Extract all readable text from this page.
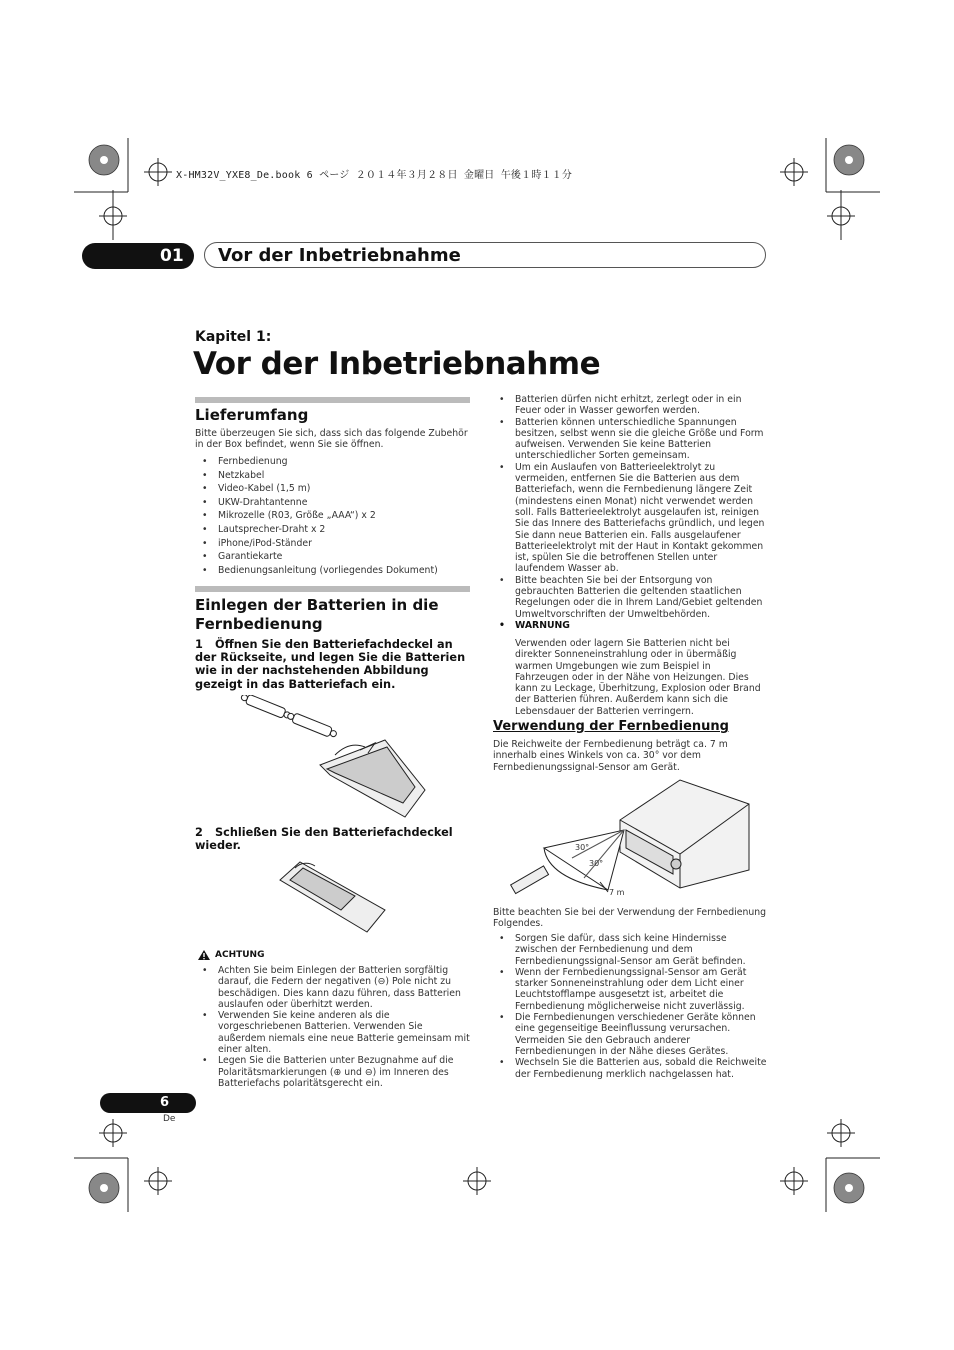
X-HM32V_YXE8_De.book 6 ページ ２０１４年３月２８日 金曜日 午後１時１１分
01 Vor der Inbetriebnahme
Kapitel 1:
Vor der Inbetriebnahme
Lieferumfang
Bitte überzeugen Sie sich, dass sich das folgende Zubehör in der Box befindet, wenn Sie sie öffnen.
• Fernbedienung
• Netzkabel
• Video-Kabel (1,5 m)
• UKW-Drahtantenne
• Mikrozelle (R03, Größe „AAA“) x 2
• Lautsprecher-Draht x 2
• iPhone/iPod-Ständer
• Garantiekarte
• Bedienungsanleitung (vorliegendes Dokument)
Einlegen der Batterien in die Fernbedienung
1 Öffnen Sie den Batteriefachdeckel an der Rückseite, und legen Sie die Batterien wie in der nachstehenden Abbildung gezeigt in das Batteriefach ein.
2 Schließen Sie den Batteriefachdeckel wieder.
ACHTUNG
• Achten Sie beim Einlegen der Batterien sorgfältig darauf, die Federn der negativen (⊖) Pole nicht zu beschädigen. Dies kann dazu führen, dass Batterien auslaufen oder überhitzt werden.
• Verwenden Sie keine anderen als die vorgeschriebenen Batterien. Verwenden Sie außerdem niemals eine neue Batterie gemeinsam mit einer alten.
• Legen Sie die Batterien unter Bezugnahme auf die Polaritätsmarkierungen (⊕ und ⊖) im Inneren des Batteriefachs polaritätsgerecht ein.
• Batterien dürfen nicht erhitzt, zerlegt oder in ein Feuer oder in Wasser geworfen werden.
• Batterien können unterschiedliche Spannungen besitzen, selbst wenn sie die gleiche Größe und Form aufweisen. Verwenden Sie keine Batterien unterschiedlicher Sorten gemeinsam.
• Um ein Auslaufen von Batterieelektrolyt zu vermeiden, entfernen Sie die Batterien aus dem Batteriefach, wenn die Fernbedienung längere Zeit (mindestens einen Monat) nicht verwendet werden soll. Falls Batterieelektrolyt ausgelaufen ist, reinigen Sie das Innere des Batteriefachs gründlich, und legen Sie dann neue Batterien ein. Falls ausgelaufener Batterieelektrolyt mit der Haut in Kontakt gekommen ist, spülen Sie die betroffenen Stellen unter laufendem Wasser ab.
• Bitte beachten Sie bei der Entsorgung von gebrauchten Batterien die geltenden staatlichen Regelungen oder die in Ihrem Land/Gebiet geltenden Umweltvorschriften der Umweltbehörden.
• WARNUNG
Verwenden oder lagern Sie Batterien nicht bei direkter Sonneneinstrahlung oder in übermäßig warmen Umgebungen wie zum Beispiel in Fahrzeugen oder in der Nähe von Heizungen. Dies kann zu Leckage, Überhitzung, Explosion oder Brand der Batterien führen. Außerdem kann sich die Lebensdauer der Batterien verringern.
Verwendung der Fernbedienung
Die Reichweite der Fernbedienung beträgt ca. 7 m innerhalb eines Winkels von ca. 30° vor dem Fernbedienungssignal-Sensor am Gerät.
30°
30°
7 m
Bitte beachten Sie bei der Verwendung der Fernbedienung Folgendes.
• Sorgen Sie dafür, dass sich keine Hindernisse zwischen der Fernbedienung und dem Fernbedienungssignal-Sensor am Gerät befinden.
• Wenn der Fernbedienungssignal-Sensor am Gerät starker Sonneneinstrahlung oder dem Licht einer Leuchtstofflampe ausgesetzt ist, arbeitet die Fernbedienung möglicherweise nicht zuverlässig.
• Die Fernbedienungen verschiedener Geräte können eine gegenseitige Beeinflussung verursachen. Vermeiden Sie den Gebrauch anderer Fernbedienungen in der Nähe dieses Gerätes.
• Wechseln Sie die Batterien aus, sobald die Reichweite der Fernbedienung merklich nachgelassen hat.
6
De
